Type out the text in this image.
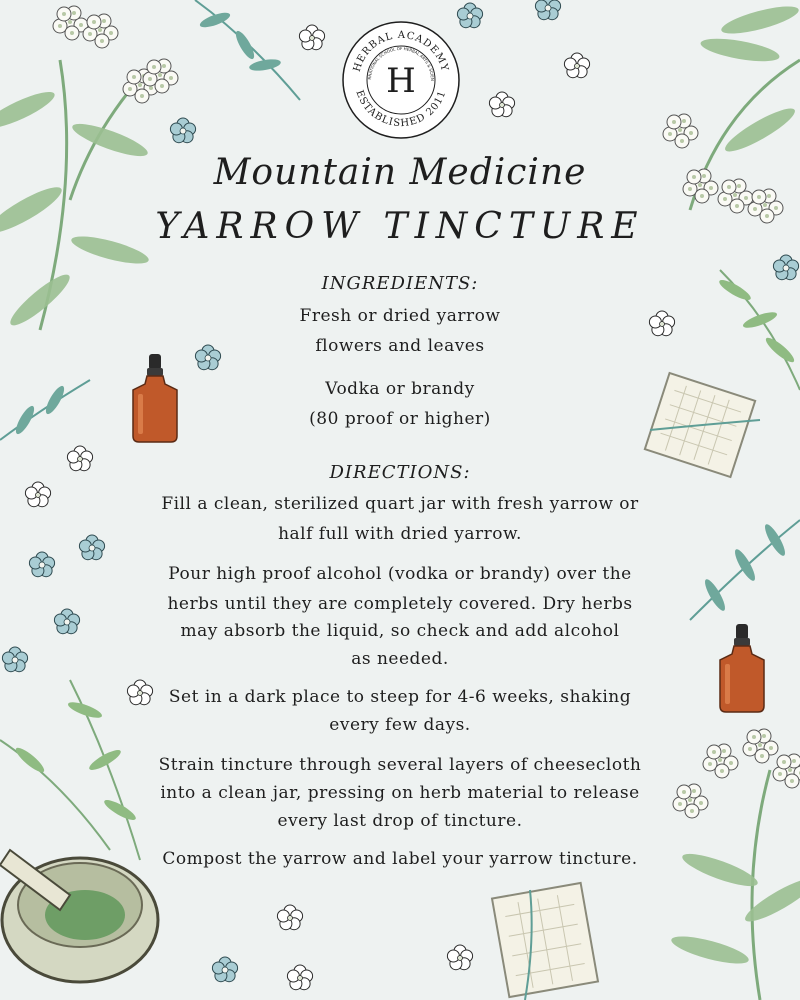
HERBAL ACADEMY
ESTABLISHED 2011
RNATIONAL SCHOOL OF HERBAL ARTS & SCIEN
H
Mountain Medicine
YARROW TINCTURE
INGREDIENTS:
Fresh or dried yarrow
flowers and leaves
Vodka or brandy
(80 proof or higher)
DIRECTIONS:
Fill a clean, sterilized quart jar with fresh yarrow or
half full with dried yarrow.
Pour high proof alcohol (vodka or brandy) over the
herbs until they are completely covered. Dry herbs
may absorb the liquid, so check and add alcohol
as needed.
Set in a dark place to steep for 4-6 weeks, shaking
every few days.
Strain tincture through several layers of cheesecloth
into a clean jar, pressing on herb material to release
every last drop of tincture.
Compost the yarrow and label your yarrow tincture.
